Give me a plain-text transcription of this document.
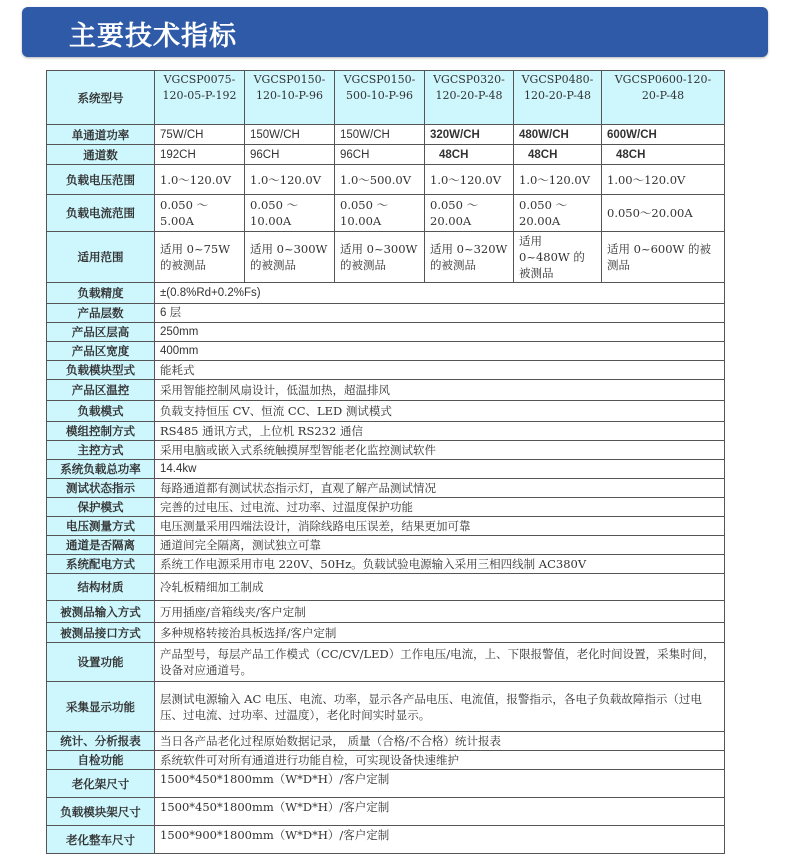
主要技术指标
系统型号	VGCSP0075-120-05-P-192	VGCSP0150-120-10-P-96	VGCSP0150-500-10-P-96	VGCSP0320-120-20-P-48	VGCSP0480-120-20-P-48	VGCSP0600-120-20-P-48
单通道功率	75W/CH	150W/CH	150W/CH	320W/CH	480W/CH	600W/CH
通道数	192CH	96CH	96CH	48CH	48CH	48CH
负载电压范围	1.0～120.0V	1.0～120.0V	1.0～500.0V	1.0～120.0V	1.0～120.0V	1.00～120.0V
负载电流范围	0.050 ～ 5.00A	0.050 ～ 10.00A	0.050 ～ 10.00A	0.050 ～ 20.00A	0.050 ～ 20.00A	0.050～20.00A
适用范围	适用 0~75W 的被测品	适用 0~300W 的被测品	适用 0~300W 的被测品	适用 0~320W 的被测品	适用 0~480W 的被测品	适用 0~600W 的被测品
负载精度	±(0.8%Rd+0.2%Fs)					
产品层数	6 层					
产品区层高	250mm					
产品区宽度	400mm					
负载模块型式	能耗式					
产品区温控	采用智能控制风扇设计，低温加热，超温排风					
负载模式	负载支持恒压 CV、恒流 CC、LED 测试模式					
模组控制方式	RS485 通讯方式，上位机 RS232 通信					
主控方式	采用电脑或嵌入式系统触摸屏型智能老化监控测试软件					
系统负载总功率	14.4kw					
测试状态指示	每路通道都有测试状态指示灯，直观了解产品测试情况					
保护模式	完善的过电压、过电流、过功率、过温度保护功能					
电压测量方式	电压测量采用四端法设计，消除线路电压误差，结果更加可靠					
通道是否隔离	通道间完全隔离，测试独立可靠					
系统配电方式	系统工作电源采用市电 220V、50Hz。负载试验电源输入采用三相四线制 AC380V					
结构材质	冷轧板精细加工制成					
被测品输入方式	万用插座/音箱线夹/客户定制					
被测品接口方式	多种规格转接治具板选择/客户定制					
设置功能	产品型号，每层产品工作模式（CC/CV/LED）工作电压/电流，上、下限报警值，老化时间设置，采集时间，设备对应通道号。					
采集显示功能	层测试电源输入 AC 电压、电流、功率，显示各产品电压、电流值，报警指示，各电子负载故障指示（过电压、过电流、过功率、过温度），老化时间实时显示。					
统计、分析报表	当日各产品老化过程原始数据记录， 质量（合格/不合格）统计报表					
自检功能	系统软件可对所有通道进行功能自检，可实现设备快速维护					
老化架尺寸	1500*450*1800mm（W*D*H）/客户定制					
负载模块架尺寸	1500*450*1800mm（W*D*H）/客户定制					
老化整车尺寸	1500*900*1800mm（W*D*H）/客户定制					
